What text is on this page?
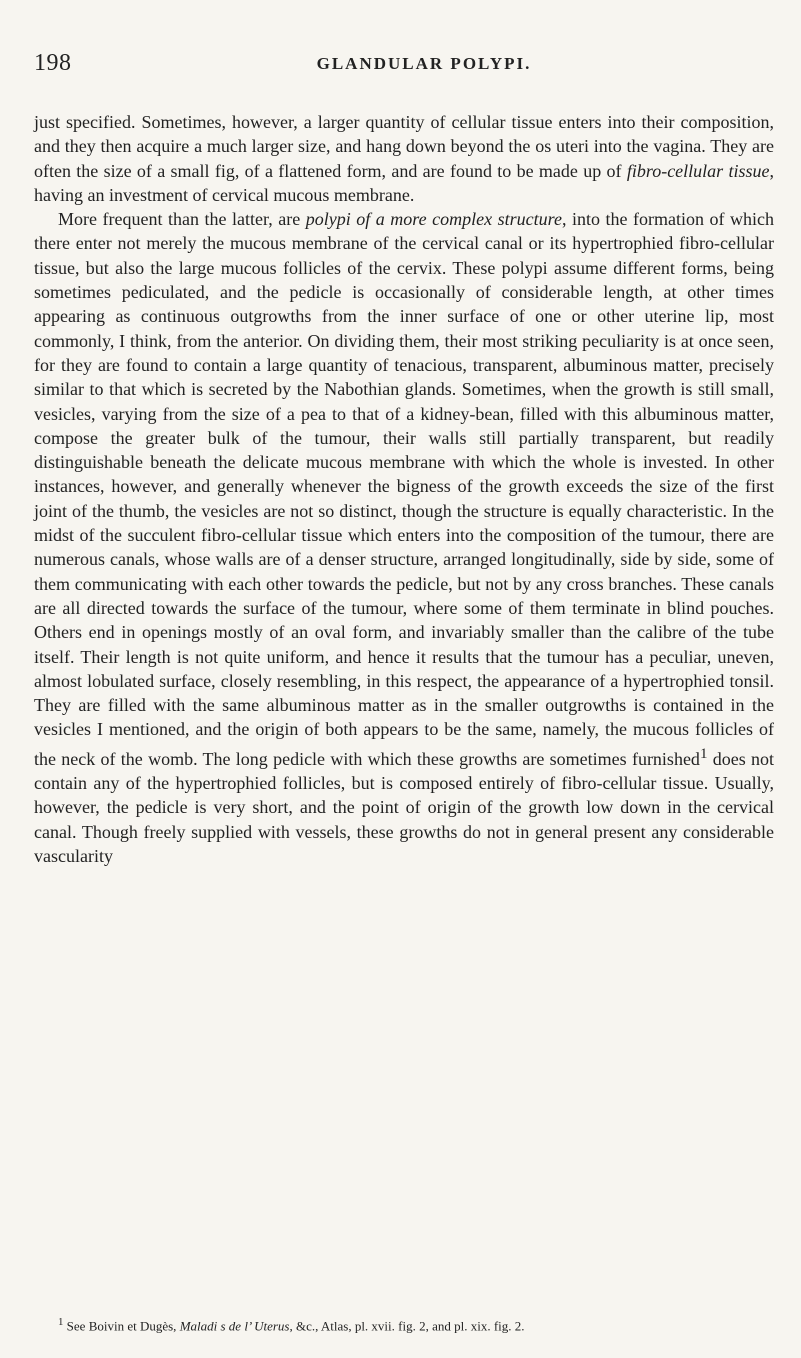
198	GLANDULAR POLYPI.

just specified. Sometimes, however, a larger quantity of cellular tissue enters into their composition, and they then acquire a much larger size, and hang down beyond the os uteri into the vagina. They are often the size of a small fig, of a flattened form, and are found to be made up of fibro-cellular tissue, having an investment of cervical mucous membrane.

More frequent than the latter, are polypi of a more complex structure, into the formation of which there enter not merely the mucous membrane of the cervical canal or its hypertrophied fibro-cellular tissue, but also the large mucous follicles of the cervix. These polypi assume different forms, being sometimes pediculated, and the pedicle is occasionally of considerable length, at other times appearing as continuous outgrowths from the inner surface of one or other uterine lip, most commonly, I think, from the anterior. On dividing them, their most striking peculiarity is at once seen, for they are found to contain a large quantity of tenacious, transparent, albuminous matter, precisely similar to that which is secreted by the Nabothian glands. Sometimes, when the growth is still small, vesicles, varying from the size of a pea to that of a kidney-bean, filled with this albuminous matter, compose the greater bulk of the tumour, their walls still partially transparent, but readily distinguishable beneath the delicate mucous membrane with which the whole is invested. In other instances, however, and generally whenever the bigness of the growth exceeds the size of the first joint of the thumb, the vesicles are not so distinct, though the structure is equally characteristic. In the midst of the succulent fibro-cellular tissue which enters into the composition of the tumour, there are numerous canals, whose walls are of a denser structure, arranged longitudinally, side by side, some of them communicating with each other towards the pedicle, but not by any cross branches. These canals are all directed towards the surface of the tumour, where some of them terminate in blind pouches. Others end in openings mostly of an oval form, and invariably smaller than the calibre of the tube itself. Their length is not quite uniform, and hence it results that the tumour has a peculiar, uneven, almost lobulated surface, closely resembling, in this respect, the appearance of a hypertrophied tonsil. They are filled with the same albuminous matter as in the smaller outgrowths is contained in the vesicles I mentioned, and the origin of both appears to be the same, namely, the mucous follicles of the neck of the womb. The long pedicle with which these growths are sometimes furnished$^1$ does not contain any of the hypertrophied follicles, but is composed entirely of fibro-cellular tissue. Usually, however, the pedicle is very short, and the point of origin of the growth low down in the cervical canal. Though freely supplied with vessels, these growths do not in general present any considerable vascularity

$^1$ See Boivin et Dugès, Maladi s de l’ Uterus, &c., Atlas, pl. xvii. fig. 2, and pl. xix. fig. 2.
